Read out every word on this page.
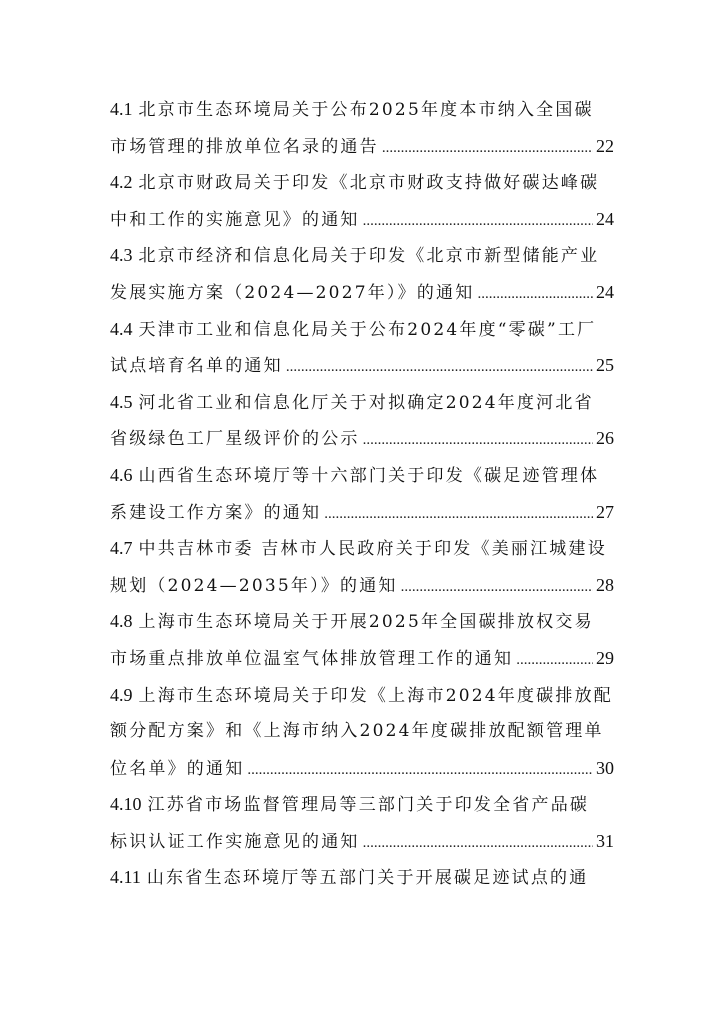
4.1 北京市生态环境局关于公布2025年度本市纳入全国碳
市场管理的排放单位名录的通告 .....	22
4.2 北京市财政局关于印发《北京市财政支持做好碳达峰碳
中和工作的实施意见》的通知 .....	24
4.3 北京市经济和信息化局关于印发《北京市新型储能产业
发展实施方案（2024—2027年）》的通知 .....	24
4.4 天津市工业和信息化局关于公布2024年度“零碳”工厂
试点培育名单的通知 .....	25
4.5 河北省工业和信息化厅关于对拟确定2024年度河北省
省级绿色工厂星级评价的公示 .....	26
4.6 山西省生态环境厅等十六部门关于印发《碳足迹管理体
系建设工作方案》的通知 .....	27
4.7 中共吉林市委 吉林市人民政府关于印发《美丽江城建设
规划（2024—2035年）》的通知 .....	28
4.8 上海市生态环境局关于开展2025年全国碳排放权交易
市场重点排放单位温室气体排放管理工作的通知 .....	29
4.9 上海市生态环境局关于印发《上海市2024年度碳排放配
额分配方案》和《上海市纳入2024年度碳排放配额管理单
位名单》的通知 .....	30
4.10 江苏省市场监督管理局等三部门关于印发全省产品碳
标识认证工作实施意见的通知 .....	31
4.11 山东省生态环境厅等五部门关于开展碳足迹试点的通
